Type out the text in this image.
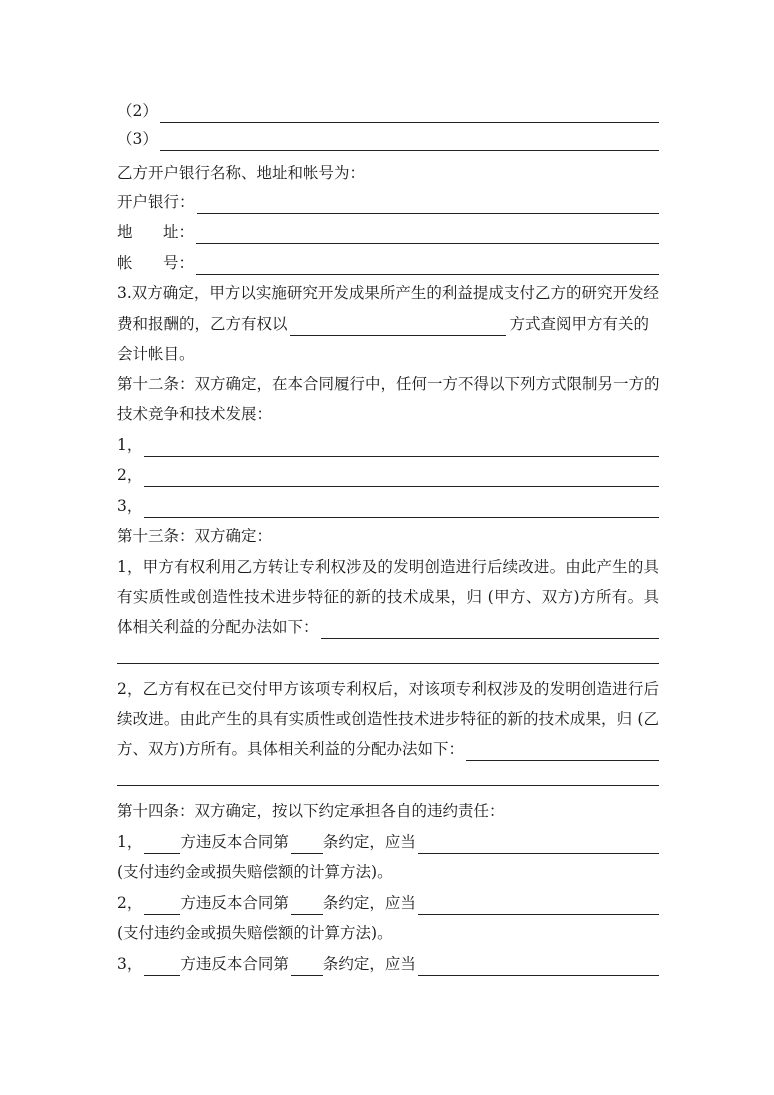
（2）
（3）
乙方开户银行名称、地址和帐号为：
开户银行：
地	址：
帐	号：
3.双方确定，甲方以实施研究开发成果所产生的利益提成支付乙方的研究开发经
费和报酬的，乙方有权以	方式查阅甲方有关的
会计帐目。
第十二条：双方确定，在本合同履行中，任何一方不得以下列方式限制另一方的
技术竞争和技术发展：
1，
2，
3，
第十三条：双方确定：
1，甲方有权利用乙方转让专利权涉及的发明创造进行后续改进。由此产生的具
有实质性或创造性技术进步特征的新的技术成果，归 (甲方、双方)方所有。具
体相关利益的分配办法如下：
2，乙方有权在已交付甲方该项专利权后，对该项专利权涉及的发明创造进行后
续改进。由此产生的具有实质性或创造性技术进步特征的新的技术成果，归 (乙
方、双方)方所有。具体相关利益的分配办法如下：
第十四条：双方确定，按以下约定承担各自的违约责任：
1， 方违反本合同第 条约定，应当
(支付违约金或损失赔偿额的计算方法)。
2， 方违反本合同第 条约定，应当
(支付违约金或损失赔偿额的计算方法)。
3， 方违反本合同第 条约定，应当
